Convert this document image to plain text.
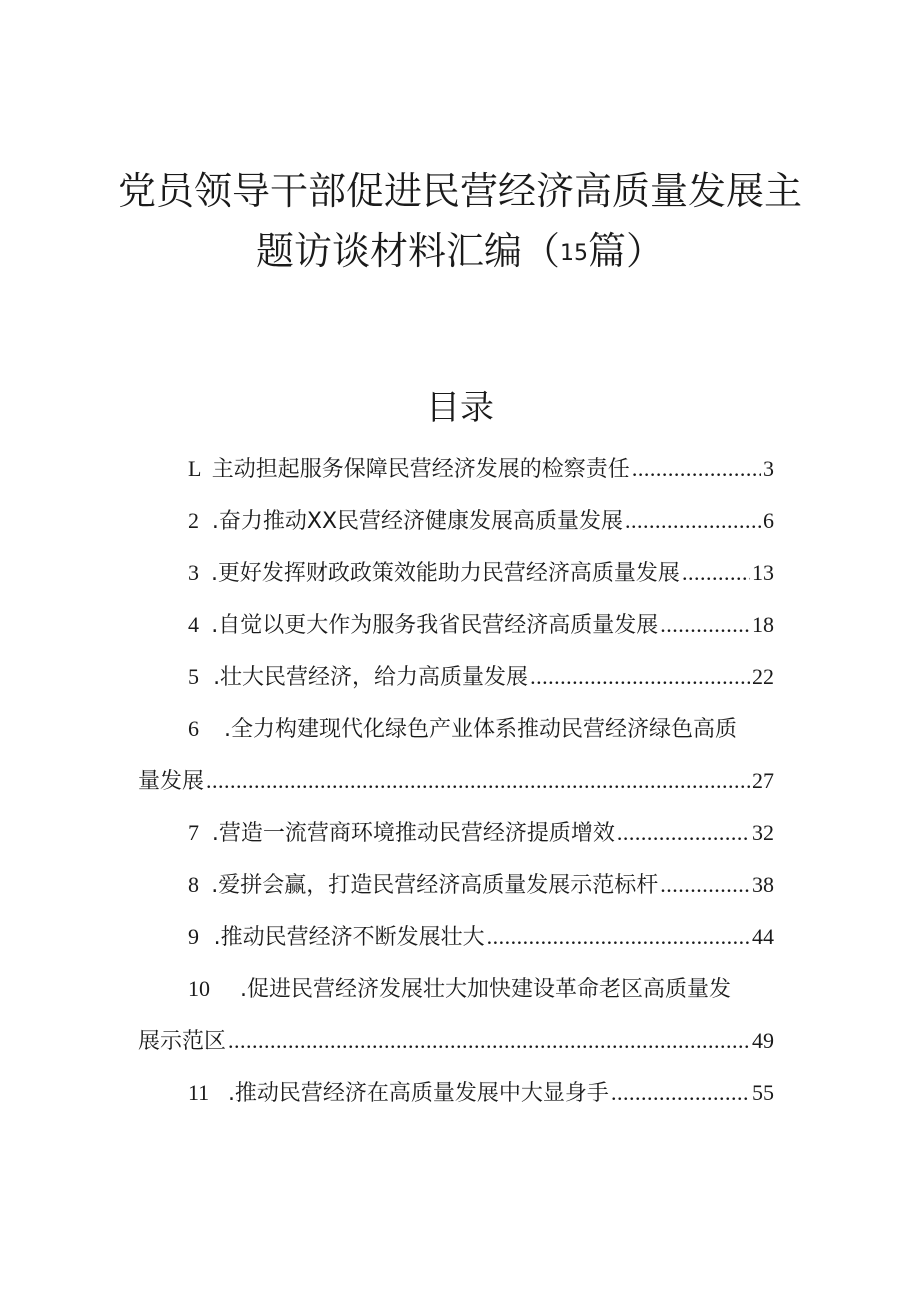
党员领导干部促进民营经济高质量发展主
题访谈材料汇编（15篇）
目录
L 主动担起服务保障民营经济发展的检察责任 .....	3
2 .奋力推动XX民营经济健康发展高质量发展 .....	6
3 .更好发挥财政政策效能助力民营经济高质量发展 .....	13
4 .自觉以更大作为服务我省民营经济高质量发展 .....	18
5 .壮大民营经济，给力高质量发展 .....	22
6	.全力构建现代化绿色产业体系推动民营经济绿色高质
量发展 .....	27
7 .营造一流营商环境推动民营经济提质增效 .....	32
8 .爱拼会赢，打造民营经济高质量发展示范标杆 .....	38
9 .推动民营经济不断发展壮大 .....	44
10	.促进民营经济发展壮大加快建设革命老区高质量发
展示范区 .....	49
11 .推动民营经济在高质量发展中大显身手 .....	55
